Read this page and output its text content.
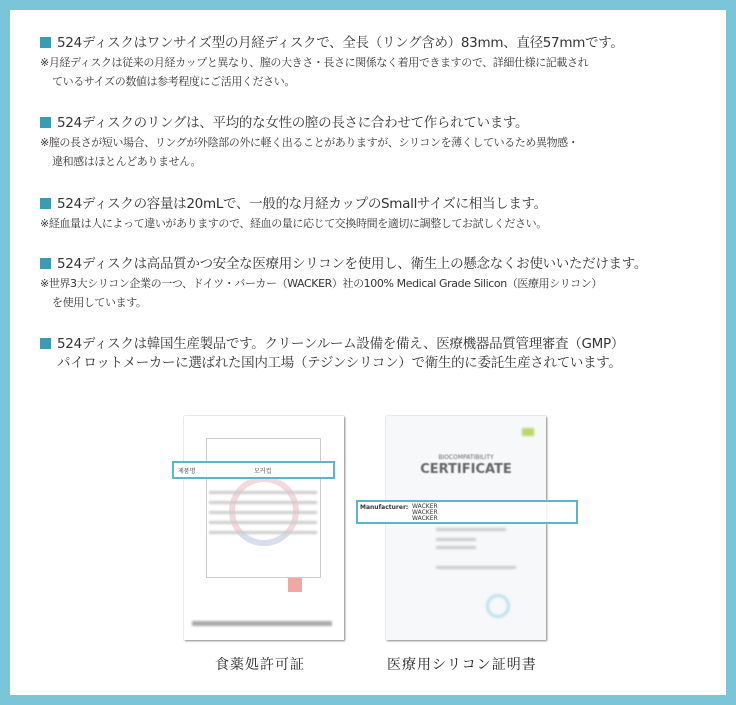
524ディスクはワンサイズ型の月経ディスクで、全長（リング含め）83mm、直径57mmです。
※月経ディスクは従来の月経カップと異なり、膣の大きさ・長さに関係なく着用できますので、詳細仕様に記載され
ているサイズの数値は参考程度にご活用ください。
524ディスクのリングは、平均的な女性の膣の長さに合わせて作られています。
※膣の長さが短い場合、リングが外陰部の外に軽く出ることがありますが、シリコンを薄くしているため異物感・
違和感はほとんどありません。
524ディスクの容量は20mLで、一般的な月経カップのSmallサイズに相当します。
※経血量は人によって違いがありますので、経血の量に応じて交換時間を適切に調整してお試しください。
524ディスクは高品質かつ安全な医療用シリコンを使用し、衛生上の懸念なくお使いいただけます。
※世界3大シリコン企業の一つ、ドイツ・バーカー（WACKER）社の100% Medical Grade Silicon（医療用シリコン）
を使用しています。
524ディスクは韓国生産製品です。クリーンルーム設備を備え、医療機器品質管理審査（GMP）
パイロットメーカーに選ばれた国内工場（テジンシリコン）で衛生的に委託生産されています。
제품명	모커컵
食薬処許可証
BIOCOMPATIBILITY
CERTIFICATE
Manufacturer: WACKER
WACKER
WACKER
医療用シリコン証明書
